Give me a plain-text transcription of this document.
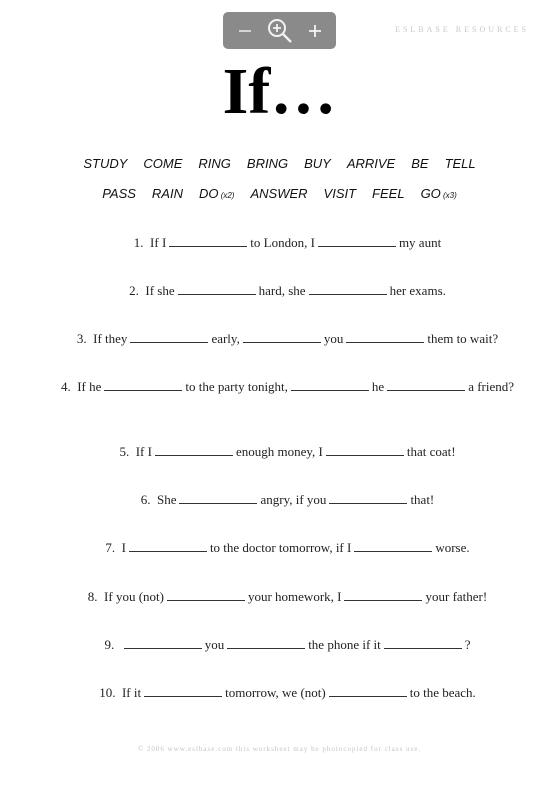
ESLBASE RESOURCES
If…
STUDY COME RING BRING BUY ARRIVE BE TELL
PASS RAIN DO (x2) ANSWER VISIT FEEL GO (x3)
1. If I	to London, I	my aunt
2. If she	hard, she	her exams.
3. If they	early,	you	them to wait?
4. If he	to the party tonight,	he	a friend?
5. If I	enough money, I	that coat!
6. She	angry, if you	that!
7. I	to the doctor tomorrow, if I	worse.
8. If you (not)	your homework, I	your father!
9.	you	the phone if it	?
10. If it	tomorrow, we (not)	to the beach.
© 2006 www.eslbase.com this worksheet may be photocopied for class use.
